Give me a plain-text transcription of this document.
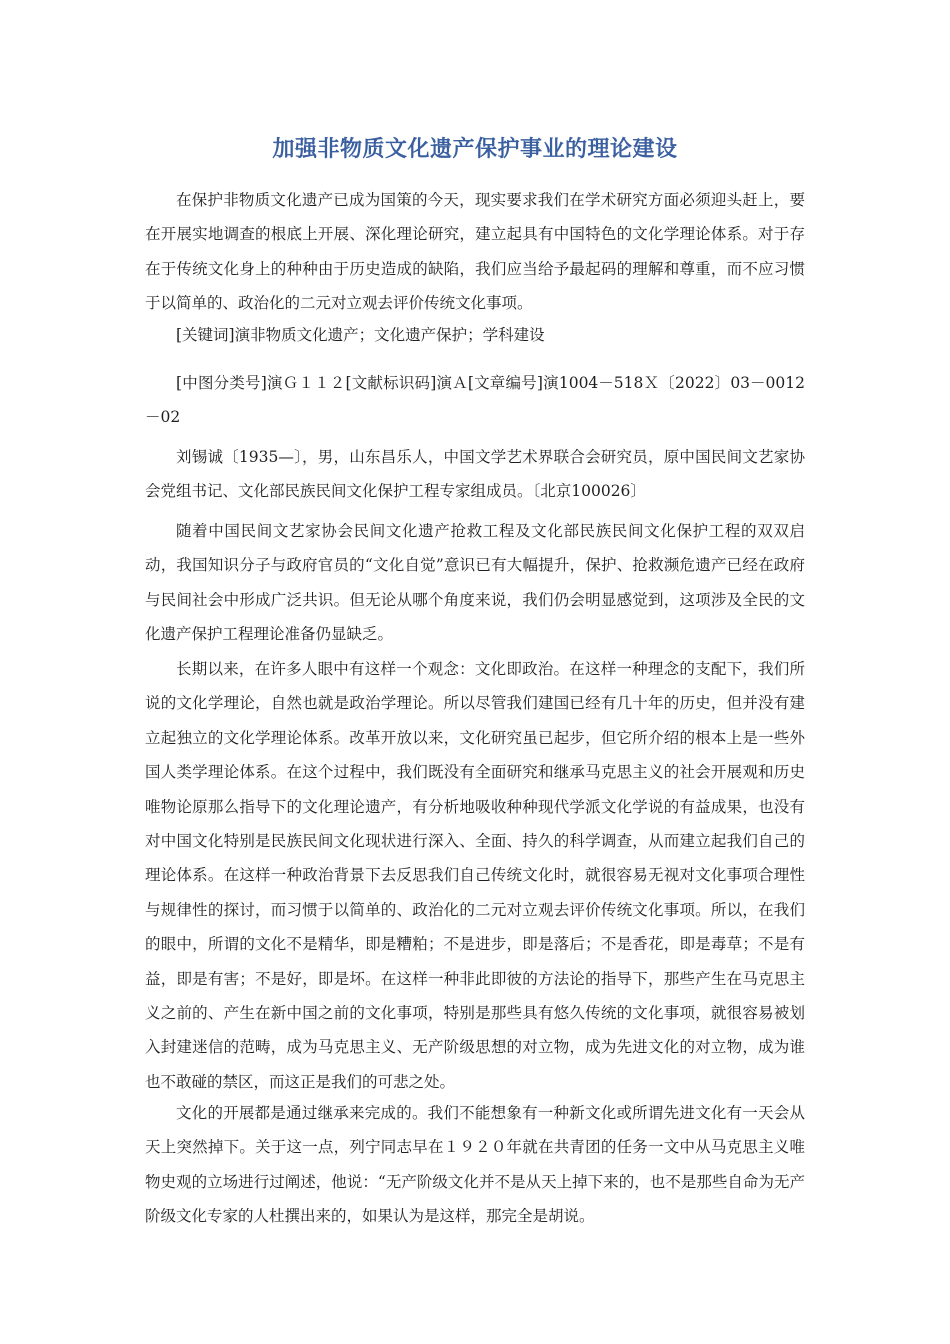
加强非物质文化遗产保护事业的理论建设

在保护非物质文化遗产已成为国策的今天，现实要求我们在学术研究方面必须迎头赶上，要在开展实地调查的根底上开展、深化理论研究，建立起具有中国特色的文化学理论体系。对于存在于传统文化身上的种种由于历史造成的缺陷，我们应当给予最起码的理解和尊重，而不应习惯于以简单的、政治化的二元对立观去评价传统文化事项。

[关键词]演非物质文化遗产；文化遗产保护；学科建设

[中图分类号]演Ｇ１１２[文献标识码]演Ａ[文章编号]演1004－518Ｘ〔2022〕03－0012－02

刘锡诚〔1935—〕，男，山东昌乐人，中国文学艺术界联合会研究员，原中国民间文艺家协会党组书记、文化部民族民间文化保护工程专家组成员。〔北京100026〕

随着中国民间文艺家协会民间文化遗产抢救工程及文化部民族民间文化保护工程的双双启动，我国知识分子与政府官员的“文化自觉”意识已有大幅提升，保护、抢救濒危遗产已经在政府与民间社会中形成广泛共识。但无论从哪个角度来说，我们仍会明显感觉到，这项涉及全民的文化遗产保护工程理论准备仍显缺乏。

长期以来，在许多人眼中有这样一个观念：文化即政治。在这样一种理念的支配下，我们所说的文化学理论，自然也就是政治学理论。所以尽管我们建国已经有几十年的历史，但并没有建立起独立的文化学理论体系。改革开放以来，文化研究虽已起步，但它所介绍的根本上是一些外国人类学理论体系。在这个过程中，我们既没有全面研究和继承马克思主义的社会开展观和历史唯物论原那么指导下的文化理论遗产，有分析地吸收种种现代学派文化学说的有益成果，也没有对中国文化特别是民族民间文化现状进行深入、全面、持久的科学调查，从而建立起我们自己的理论体系。在这样一种政治背景下去反思我们自己传统文化时，就很容易无视对文化事项合理性与规律性的探讨，而习惯于以简单的、政治化的二元对立观去评价传统文化事项。所以，在我们的眼中，所谓的文化不是精华，即是糟粕；不是进步，即是落后；不是香花，即是毒草；不是有益，即是有害；不是好，即是坏。在这样一种非此即彼的方法论的指导下，那些产生在马克思主义之前的、产生在新中国之前的文化事项，特别是那些具有悠久传统的文化事项，就很容易被划入封建迷信的范畴，成为马克思主义、无产阶级思想的对立物，成为先进文化的对立物，成为谁也不敢碰的禁区，而这正是我们的可悲之处。

文化的开展都是通过继承来完成的。我们不能想象有一种新文化或所谓先进文化有一天会从天上突然掉下。关于这一点，列宁同志早在１９２０年就在共青团的任务一文中从马克思主义唯物史观的立场进行过阐述，他说：“无产阶级文化并不是从天上掉下来的，也不是那些自命为无产阶级文化专家的人杜撰出来的，如果认为是这样，那完全是胡说。
